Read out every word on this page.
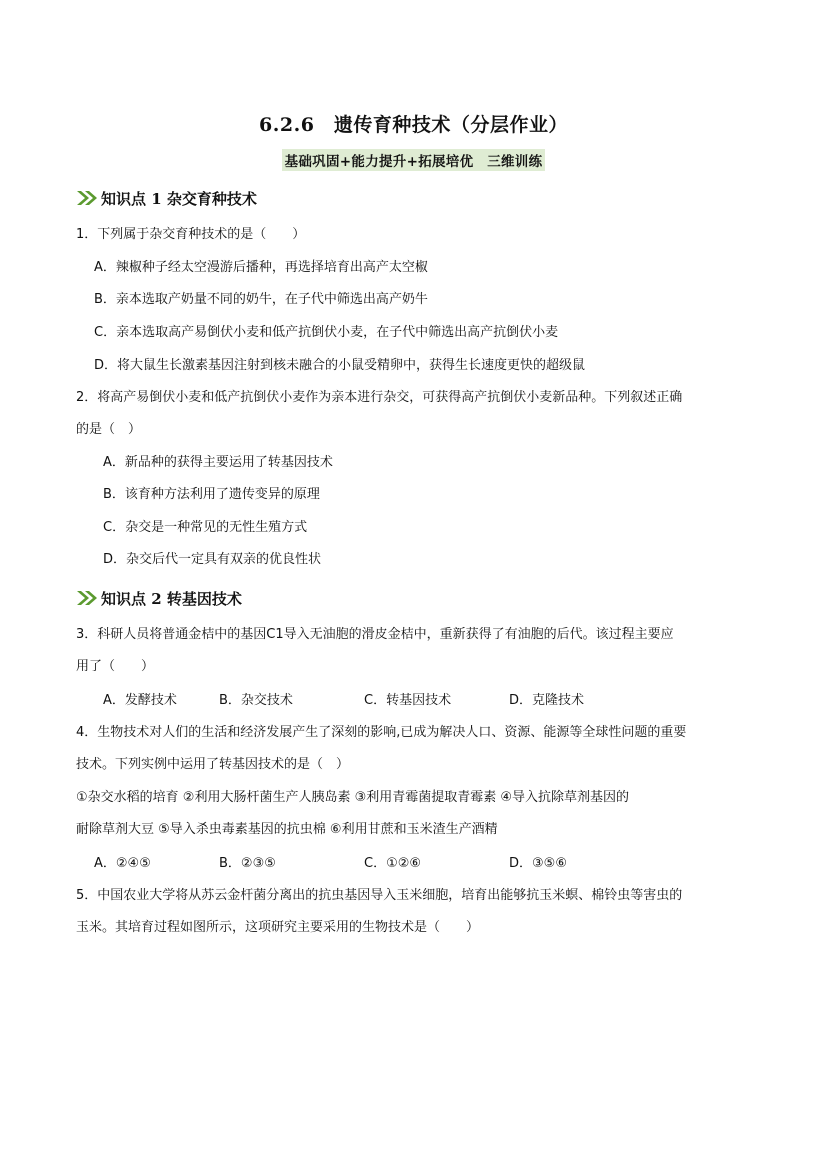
6.2.6　遗传育种技术（分层作业）
基础巩固+能力提升+拓展培优　三维训练
知识点 1 杂交育种技术
1．下列属于杂交育种技术的是（　　）
A．辣椒种子经太空漫游后播种，再选择培育出高产太空椒
B．亲本选取产奶量不同的奶牛，在子代中筛选出高产奶牛
C．亲本选取高产易倒伏小麦和低产抗倒伏小麦，在子代中筛选出高产抗倒伏小麦
D．将大鼠生长激素基因注射到核未融合的小鼠受精卵中，获得生长速度更快的超级鼠
2．将高产易倒伏小麦和低产抗倒伏小麦作为亲本进行杂交，可获得高产抗倒伏小麦新品种。下列叙述正确
的是（　）
A．新品种的获得主要运用了转基因技术
B．该育种方法利用了遗传变异的原理
C．杂交是一种常见的无性生殖方式
D．杂交后代一定具有双亲的优良性状
知识点 2 转基因技术
3．科研人员将普通金桔中的基因C1导入无油胞的滑皮金桔中，重新获得了有油胞的后代。该过程主要应
用了（　　）
A．发酵技术	B．杂交技术	C．转基因技术	D．克隆技术
4．生物技术对人们的生活和经济发展产生了深刻的影响,已成为解决人口、资源、能源等全球性问题的重要
技术。下列实例中运用了转基因技术的是（　）
①杂交水稻的培育 ②利用大肠杆菌生产人胰岛素 ③利用青霉菌提取青霉素 ④导入抗除草剂基因的
耐除草剂大豆 ⑤导入杀虫毒素基因的抗虫棉 ⑥利用甘蔗和玉米渣生产酒精
A．②④⑤	B．②③⑤	C．①②⑥	D．③⑤⑥
5．中国农业大学将从苏云金杆菌分离出的抗虫基因导入玉米细胞，培育出能够抗玉米螟、棉铃虫等害虫的
玉米。其培育过程如图所示，这项研究主要采用的生物技术是（　　）
